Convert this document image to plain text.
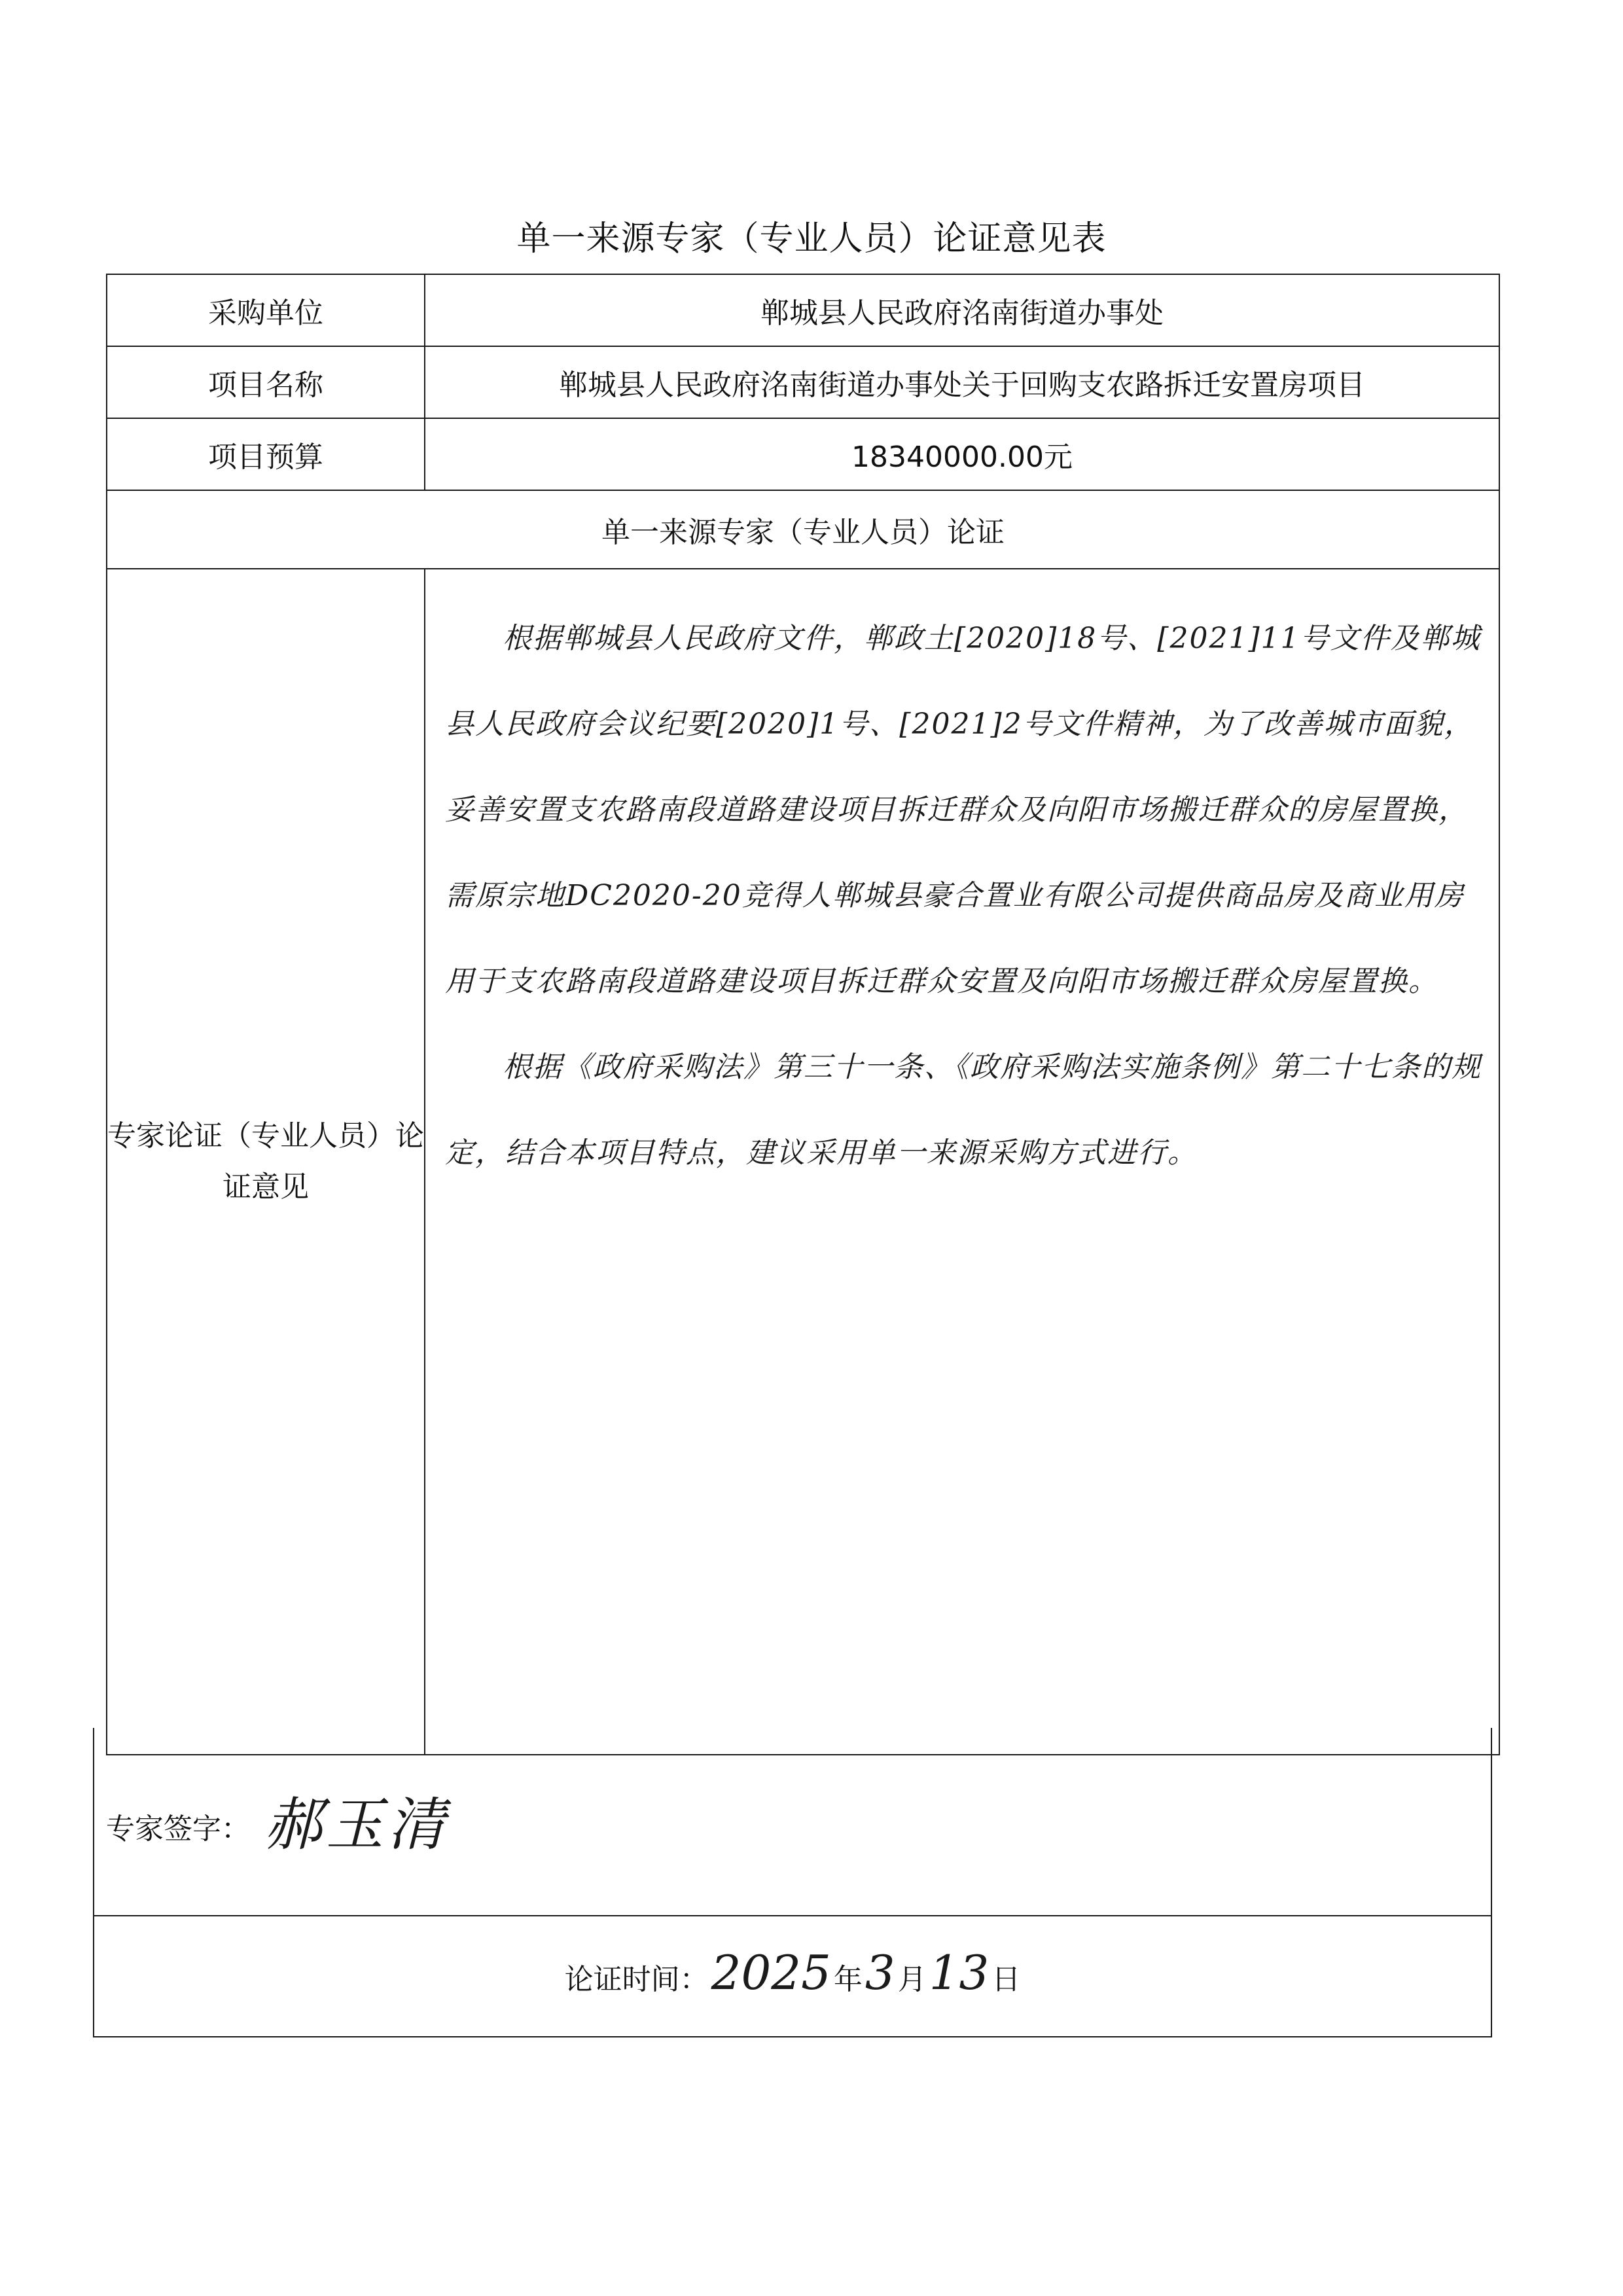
单一来源专家（专业人员）论证意见表
采购单位	郸城县人民政府洺南街道办事处
项目名称	郸城县人民政府洺南街道办事处关于回购支农路拆迁安置房项目
项目预算	18340000.00元
单一来源专家（专业人员）论证	
专家论证（专业人员）论证意见	根据郸城县人民政府文件，郸政土[2020]18号、[2021]11号文件及郸城县人民政府会议纪要[2020]1号、[2021]2号文件精神，为了改善城市面貌，妥善安置支农路南段道路建设项目拆迁群众及向阳市场搬迁群众的房屋置换，需原宗地DC2020-20竞得人郸城县豪合置业有限公司提供商品房及商业用房用于支农路南段道路建设项目拆迁群众安置及向阳市场搬迁群众房屋置换。

根据《政府采购法》第三十一条、《政府采购法实施条例》第二十七条的规定，结合本项目特点，建议采用单一来源采购方式进行。

专家签字： 郝玉清
论证时间：2025年3月13日
